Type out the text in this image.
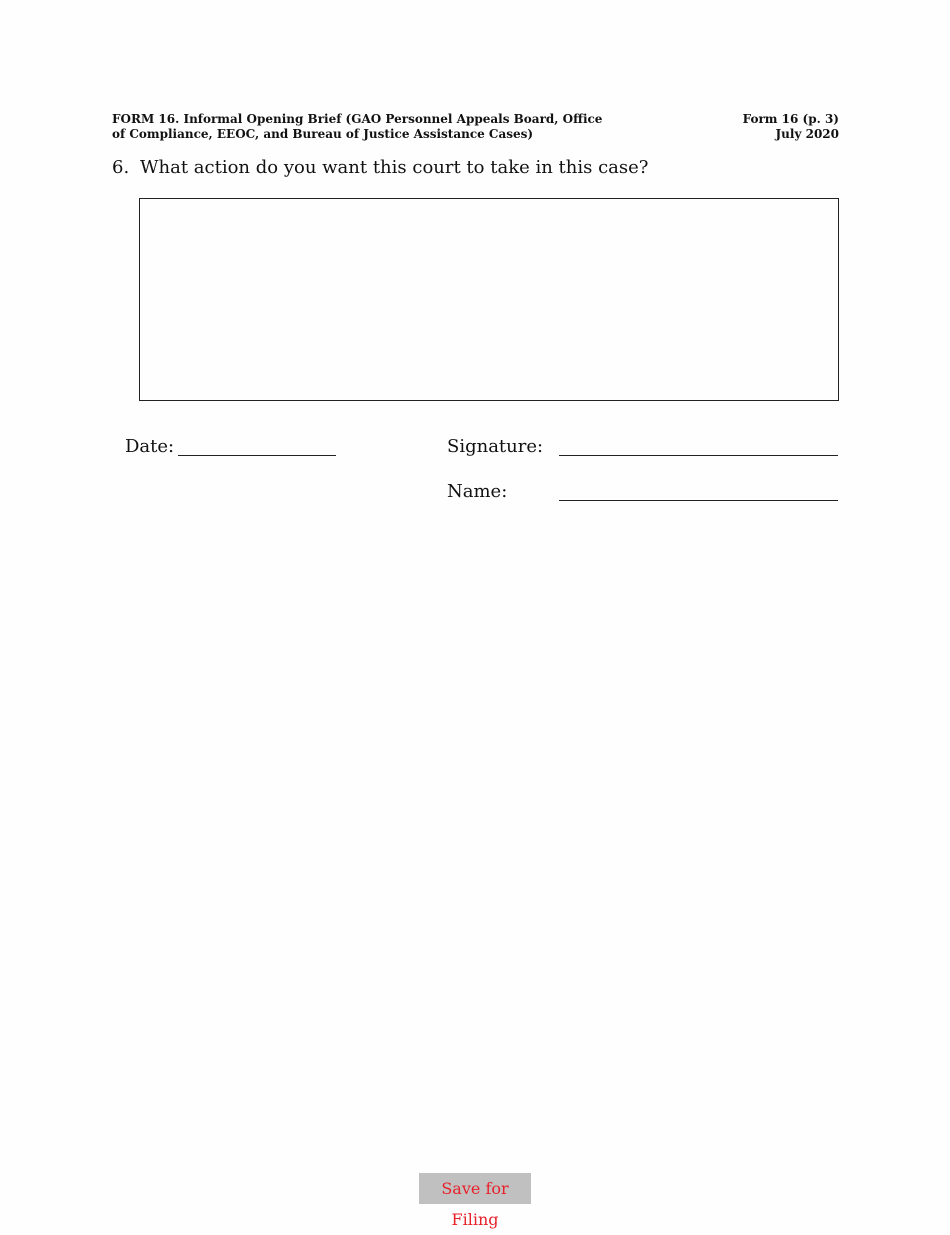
FORM 16. Informal Opening Brief (GAO Personnel Appeals Board, Office
of Compliance, EEOC, and Bureau of Justice Assistance Cases)
Form 16 (p. 3)
July 2020
6. What action do you want this court to take in this case?
Date:	Signature:
Name:
Save for Filing
